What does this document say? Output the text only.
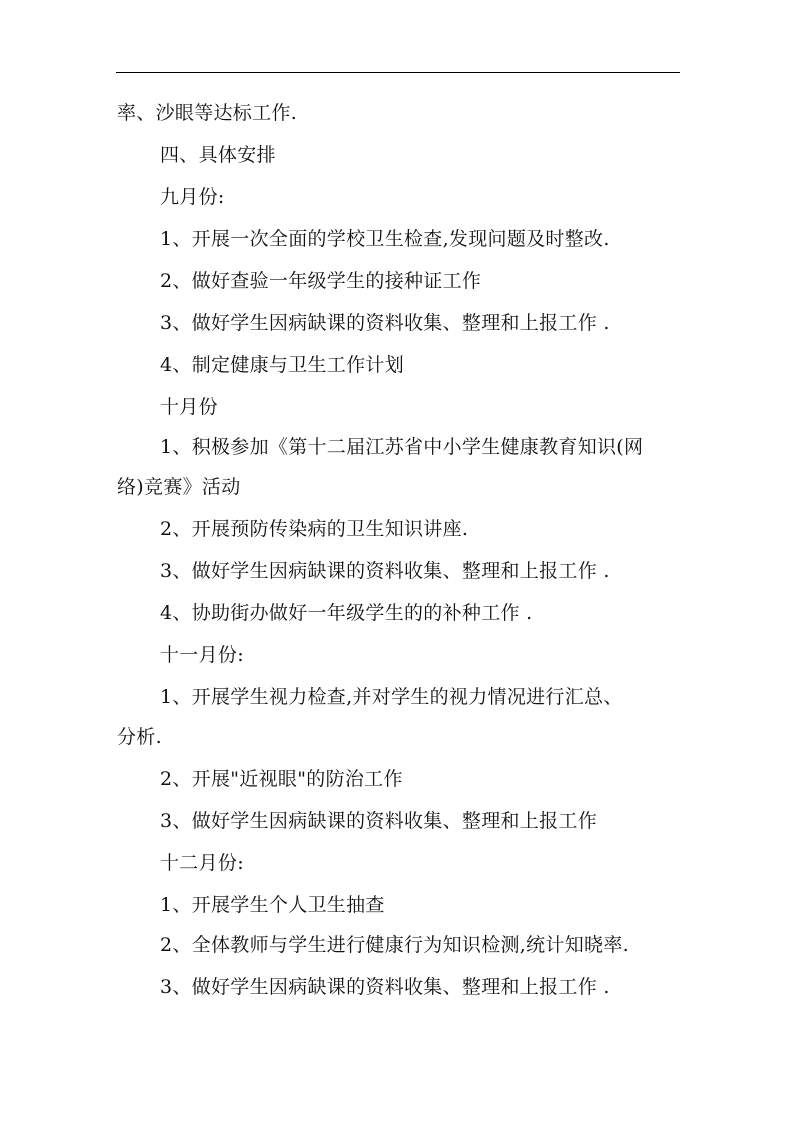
率、沙眼等达标工作.
四、具体安排
九月份:
1、开展一次全面的学校卫生检查,发现问题及时整改.
2、做好查验一年级学生的接种证工作
3、做好学生因病缺课的资料收集、整理和上报工作 .
4、制定健康与卫生工作计划
十月份
1、积极参加《第十二届江苏省中小学生健康教育知识(网
络)竞赛》活动
2、开展预防传染病的卫生知识讲座.
3、做好学生因病缺课的资料收集、整理和上报工作 .
4、协助街办做好一年级学生的的补种工作 .
十一月份:
1、开展学生视力检查,并对学生的视力情况进行汇总、
分析.
2、开展"近视眼"的防治工作
3、做好学生因病缺课的资料收集、整理和上报工作
十二月份:
1、开展学生个人卫生抽查
2、全体教师与学生进行健康行为知识检测,统计知晓率.
3、做好学生因病缺课的资料收集、整理和上报工作 .
